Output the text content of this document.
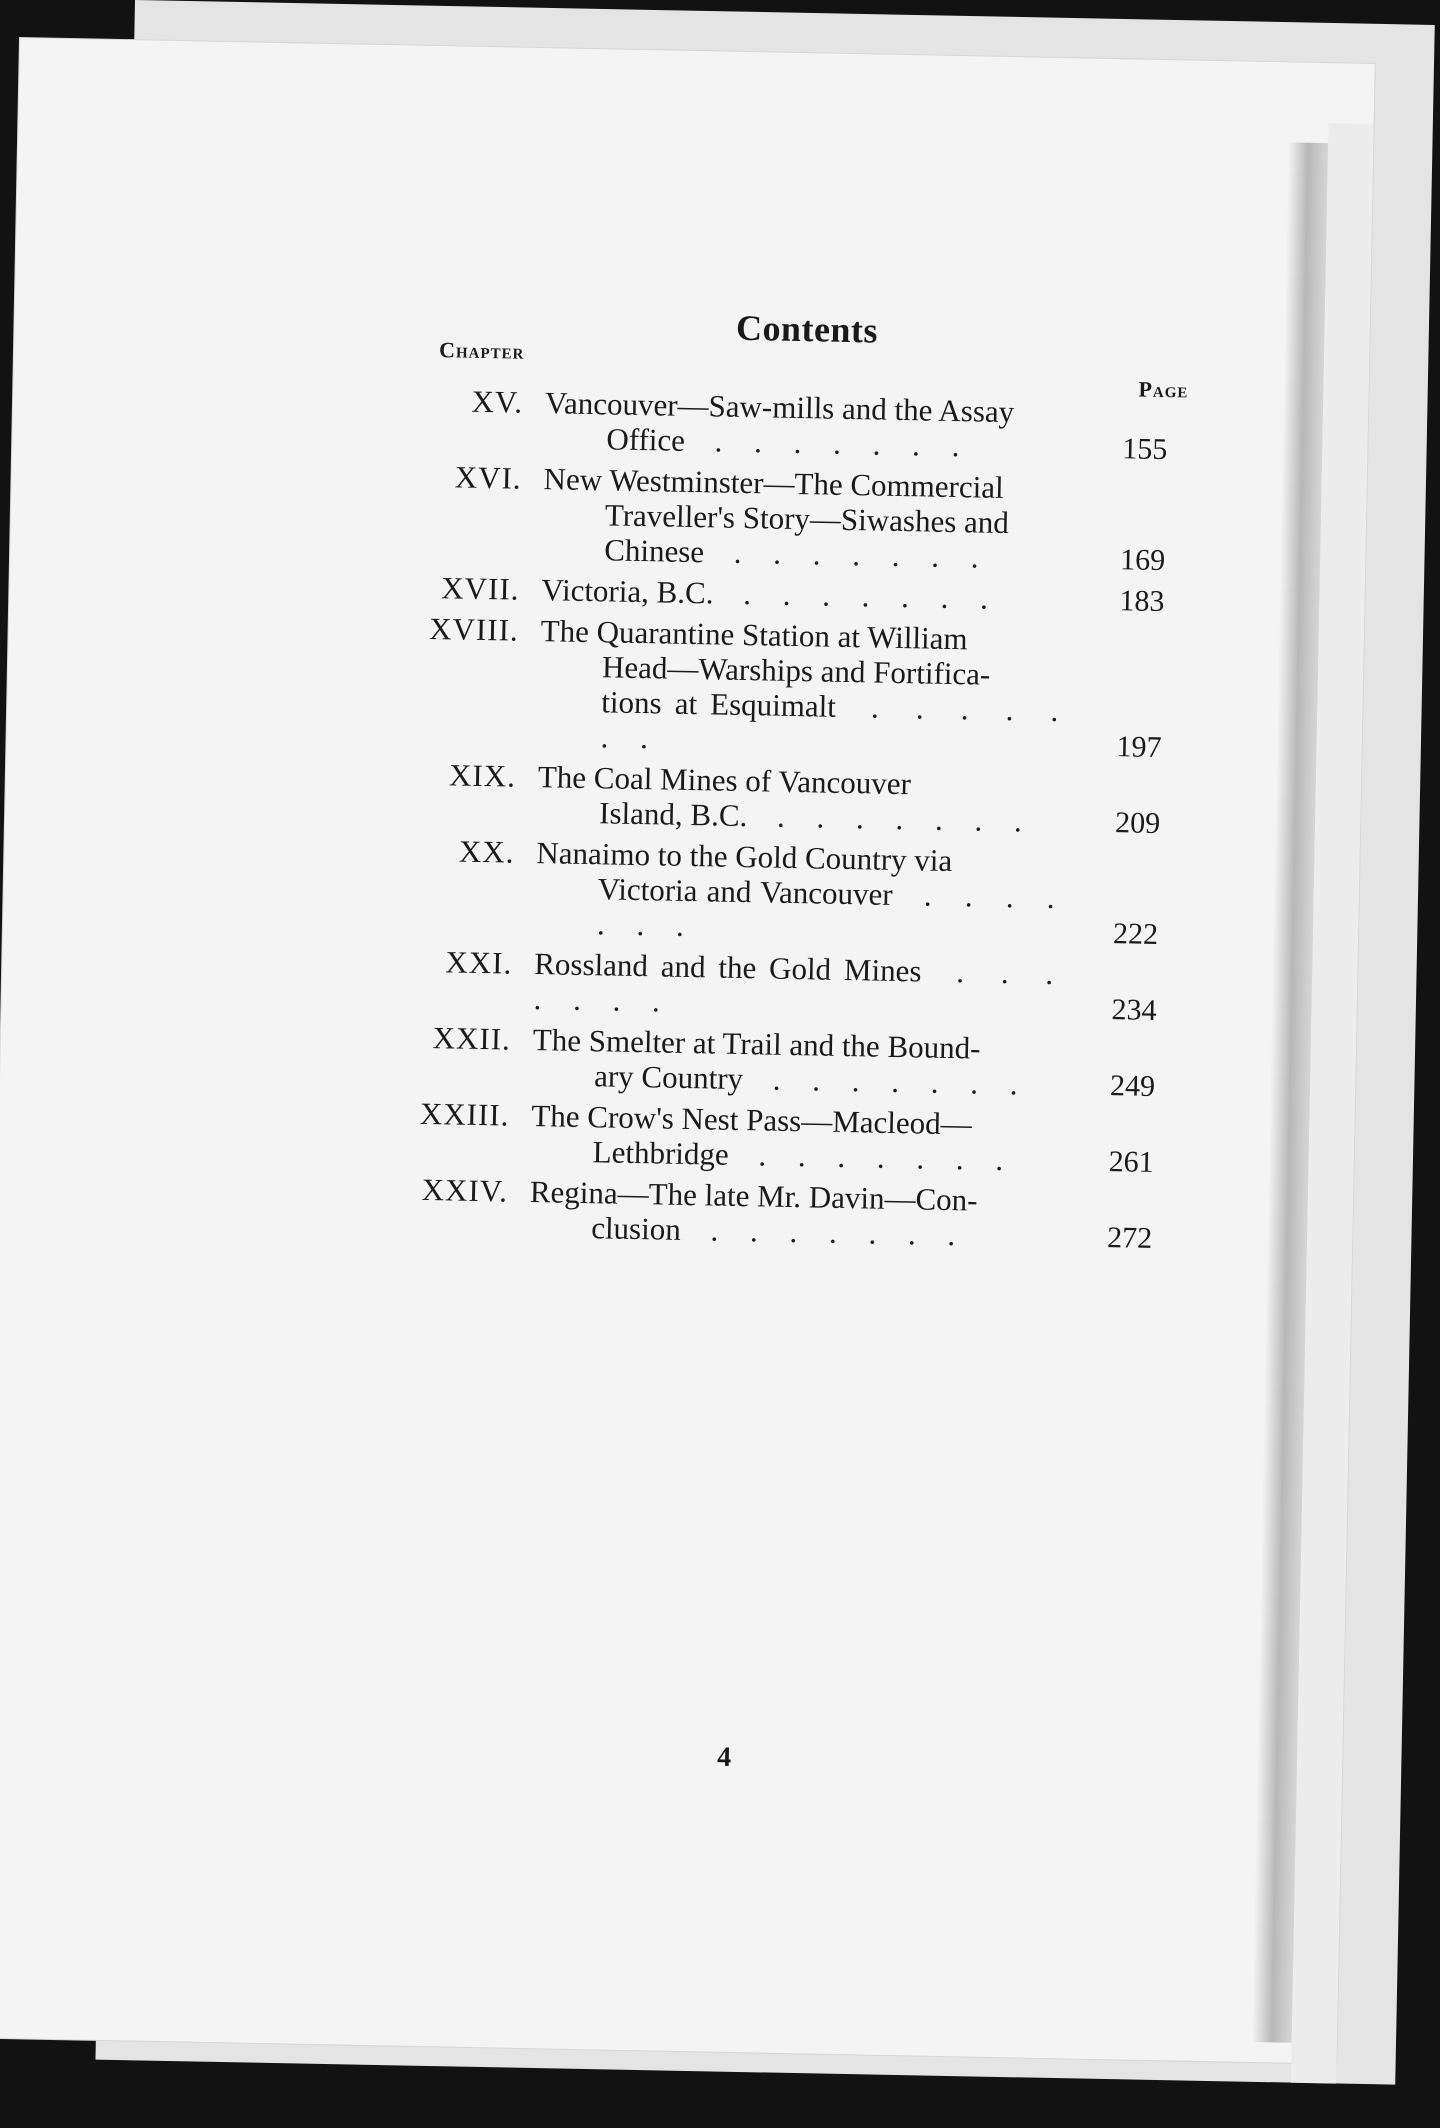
Contents
Chapter
Page
XV. Vancouver—Saw-mills and the Assay
Office . . . . . . .	155
XVI. New Westminster—The Commercial
Traveller's Story—Siwashes and
Chinese . . . . . . .	169
XVII. Victoria, B.C. . . . . . . .	183
XVIII. The Quarantine Station at William
Head—Warships and Fortifica-
tions at Esquimalt . . . . . . .	197
XIX. The Coal Mines of Vancouver
Island, B.C. . . . . . . .	209
XX. Nanaimo to the Gold Country via
Victoria and Vancouver . . . . . . .	222
XXI. Rossland and the Gold Mines . . . . . . .	234
XXII. The Smelter at Trail and the Bound-
ary Country . . . . . . .	249
XXIII. The Crow's Nest Pass—Macleod—
Lethbridge . . . . . . .	261
XXIV. Regina—The late Mr. Davin—Con-
clusion . . . . . . .	272
4
